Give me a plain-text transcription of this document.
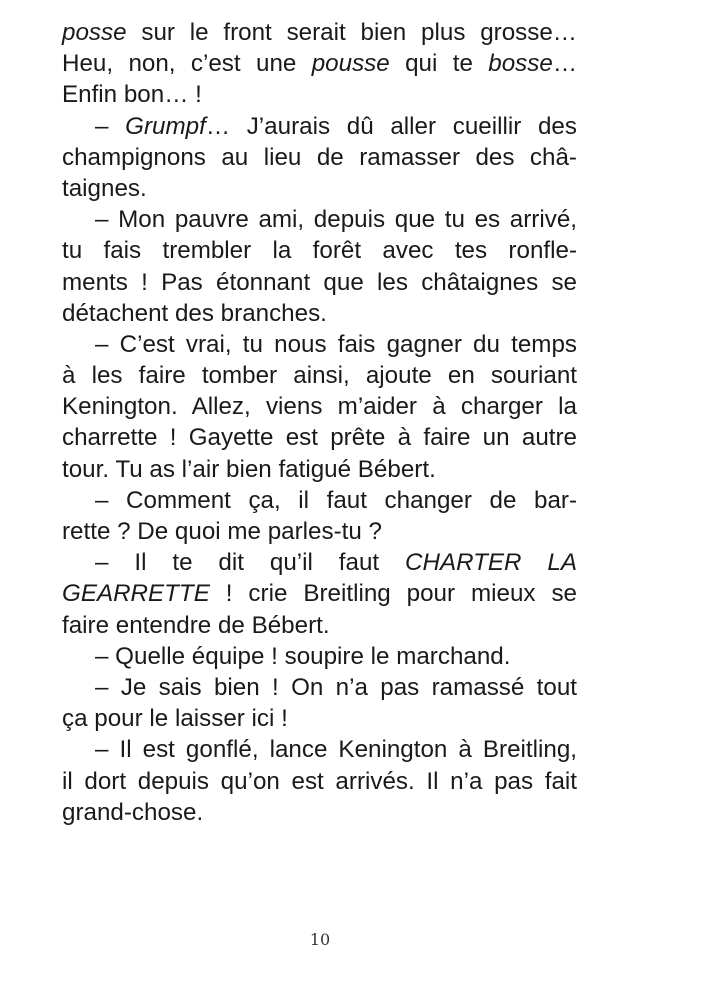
posse sur le front serait bien plus grosse…
Heu, non, c’est une pousse qui te bosse…
Enfin bon… !
– Grumpf… J’aurais dû aller cueillir des
champignons au lieu de ramasser des châ-
taignes.
– Mon pauvre ami, depuis que tu es arrivé,
tu fais trembler la forêt avec tes ronfle-
ments ! Pas étonnant que les châtaignes se
détachent des branches.
– C’est vrai, tu nous fais gagner du temps
à les faire tomber ainsi, ajoute en souriant
Kenington. Allez, viens m’aider à charger la
charrette ! Gayette est prête à faire un autre
tour. Tu as l’air bien fatigué Bébert.
– Comment ça, il faut changer de bar-
rette ? De quoi me parles-tu ?
– Il te dit qu’il faut CHARTER LA
GEARRETTE ! crie Breitling pour mieux se
faire entendre de Bébert.
– Quelle équipe ! soupire le marchand.
– Je sais bien ! On n’a pas ramassé tout
ça pour le laisser ici !
– Il est gonflé, lance Kenington à Breitling,
il dort depuis qu’on est arrivés. Il n’a pas fait
grand-chose.
10
